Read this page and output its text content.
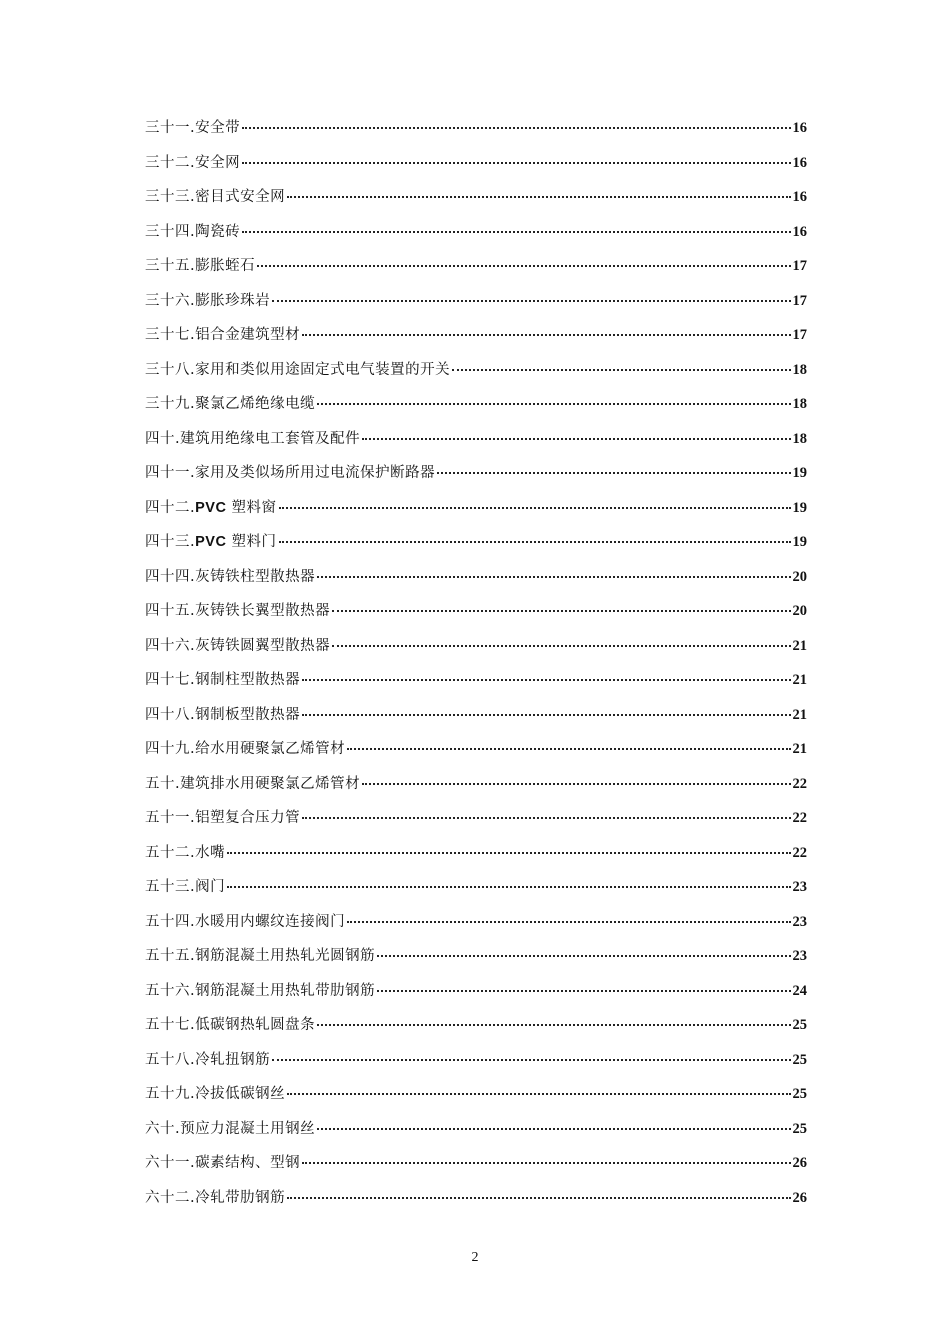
三十一. 安全带	16
三十二. 安全网	16
三十三. 密目式安全网	16
三十四. 陶瓷砖	16
三十五. 膨胀蛭石	17
三十六. 膨胀珍珠岩	17
三十七. 铝合金建筑型材	17
三十八. 家用和类似用途固定式电气装置的开关	18
三十九. 聚氯乙烯绝缘电缆	18
四十. 建筑用绝缘电工套管及配件	18
四十一. 家用及类似场所用过电流保护断路器	19
四十二. PVC 塑料窗	19
四十三. PVC 塑料门	19
四十四. 灰铸铁柱型散热器	20
四十五. 灰铸铁长翼型散热器	20
四十六. 灰铸铁圆翼型散热器	21
四十七. 钢制柱型散热器	21
四十八. 钢制板型散热器	21
四十九. 给水用硬聚氯乙烯管材	21
五十. 建筑排水用硬聚氯乙烯管材	22
五十一. 铝塑复合压力管	22
五十二. 水嘴	22
五十三. 阀门	23
五十四. 水暖用内螺纹连接阀门	23
五十五. 钢筋混凝土用热轧光圆钢筋	23
五十六. 钢筋混凝土用热轧带肋钢筋	24
五十七. 低碳钢热轧圆盘条	25
五十八. 冷轧扭钢筋	25
五十九. 冷拔低碳钢丝	25
六十. 预应力混凝土用钢丝	25
六十一. 碳素结构、型钢	26
六十二. 冷轧带肋钢筋	26
2
